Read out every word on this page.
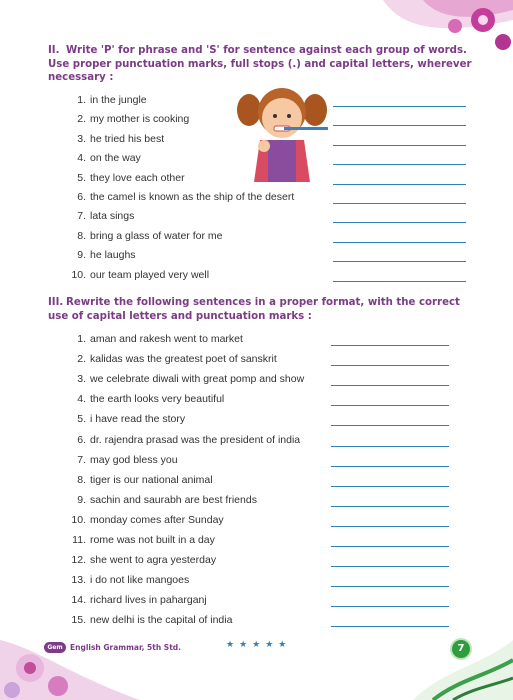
II. Write 'P' for phrase and 'S' for sentence against each group of words. Use proper punctuation marks, full stops (.) and capital letters, wherever necessary :
1. in the jungle
2. my mother is cooking
3. he tried his best
4. on the way
5. they love each other
6. the camel is known as the ship of the desert
7. lata sings
8. bring a glass of water for me
9. he laughs
10. our team played very well
III. Rewrite the following sentences in a proper format, with the correct use of capital letters and punctuation marks :
1. aman and rakesh went to market
2. kalidas was the greatest poet of sanskrit
3. we celebrate diwali with great pomp and show
4. the earth looks very beautiful
5. i have read the story
6. dr. rajendra prasad was the president of india
7. may god bless you
8. tiger is our national animal
9. sachin and saurabh are best friends
10. monday comes after Sunday
11. rome was not built in a day
12. she went to agra yesterday
13. i do not like mangoes
14. richard lives in paharganj
15. new delhi is the capital of india
Gem English Grammar, 5th Std.	★★★★★	7
